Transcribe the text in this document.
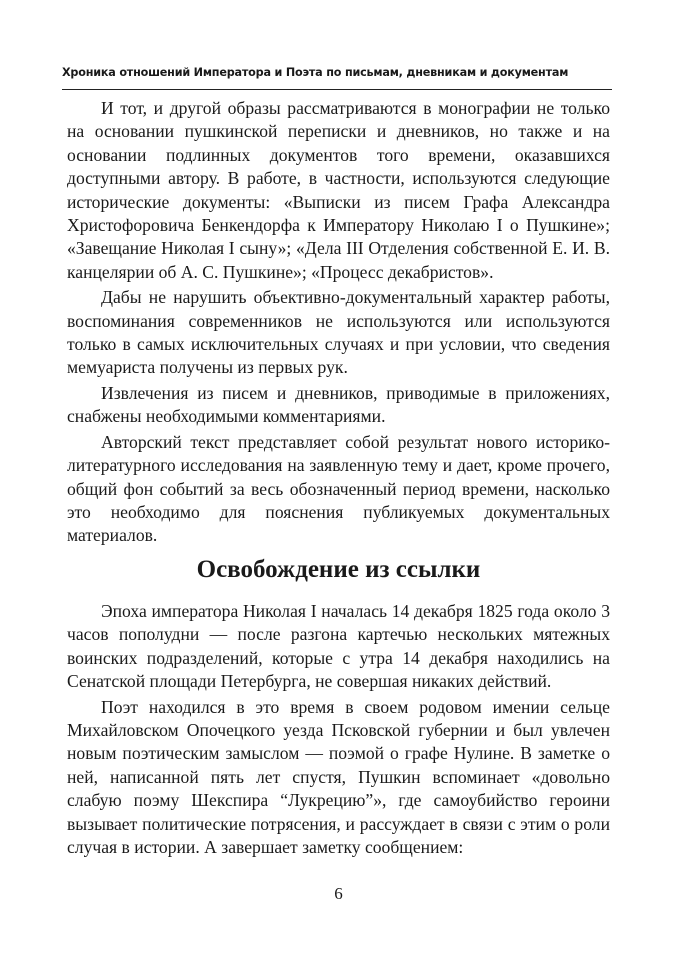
Хроника отношений Императора и Поэта по письмам, дневникам и документам

И тот, и другой образы рассматриваются в монографии не только на основании пушкинской переписки и дневников, но также и на основании подлинных документов того времени, оказавшихся доступными автору. В работе, в частности, используются следующие исторические документы: «Выписки из писем Графа Александра Христофоровича Бенкендорфа к Императору Николаю I о Пушкине»; «Завещание Николая I сыну»; «Дела III Отделения собственной Е. И. В. канцелярии об А. С. Пушкине»; «Процесс декабристов».

Дабы не нарушить объективно-документальный характер работы, воспоминания современников не используются или используются только в самых исключительных случаях и при условии, что сведения мемуариста получены из первых рук.

Извлечения из писем и дневников, приводимые в приложениях, снабжены необходимыми комментариями.

Авторский текст представляет собой результат нового историко-литературного исследования на заявленную тему и дает, кроме прочего, общий фон событий за весь обозначенный период времени, насколько это необходимо для пояснения публикуемых документальных материалов.

Освобождение из ссылки

Эпоха императора Николая I началась 14 декабря 1825 года около 3 часов пополудни — после разгона картечью нескольких мятежных воинских подразделений, которые с утра 14 декабря находились на Сенатской площади Петербурга, не совершая никаких действий.

Поэт находился в это время в своем родовом имении сельце Михайловском Опочецкого уезда Псковской губернии и был увлечен новым поэтическим замыслом — поэмой о графе Нулине. В заметке о ней, написанной пять лет спустя, Пушкин вспоминает «довольно слабую поэму Шекспира “Лукрецию”», где самоубийство героини вызывает политические потрясения, и рассуждает в связи с этим о роли случая в истории. А завершает заметку сообщением:

6
